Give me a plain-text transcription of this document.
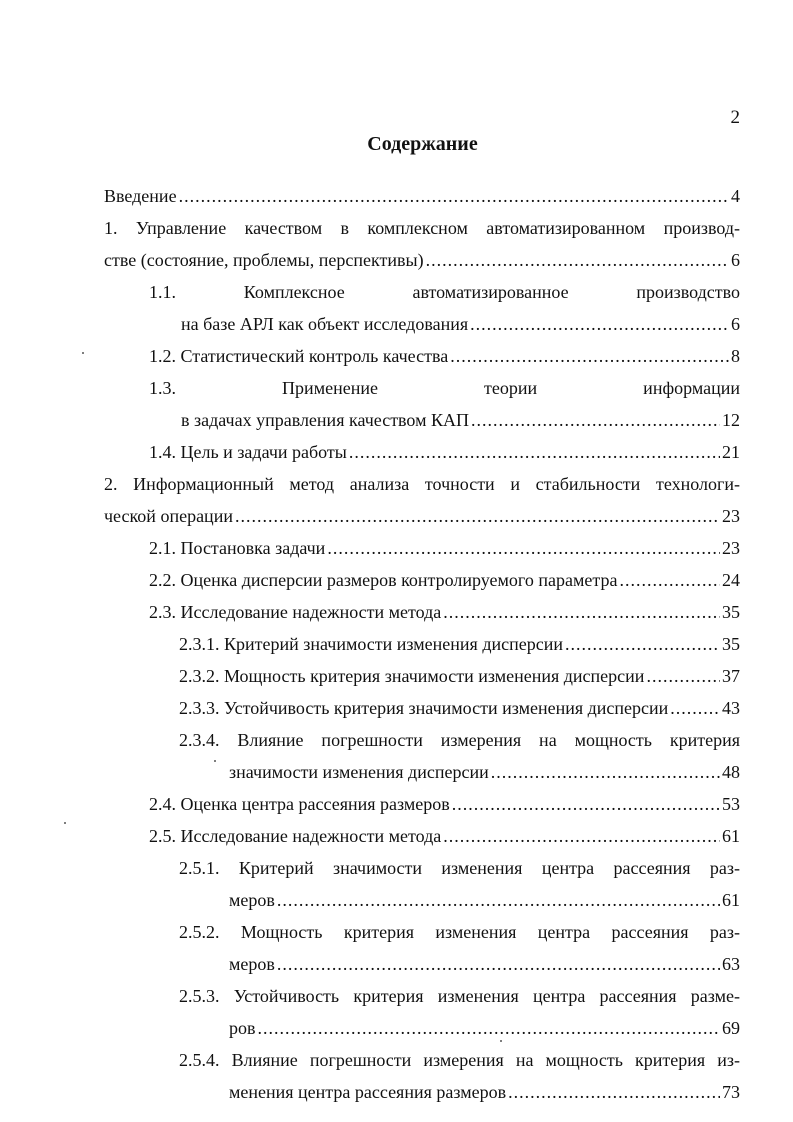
2
Содержание
Введение .....	4
1. Управление качеством в комплексном автоматизированном производ-
стве (состояние, проблемы, перспективы) .....	6
1.1. Комплексное автоматизированное производство
на базе АРЛ как объект исследования .....	6
1.2. Статистический контроль качества .....	8
1.3. Применение теории информации
в задачах управления качеством КАП .....	12
1.4. Цель и задачи работы .....	21
2. Информационный метод анализа точности и стабильности технологи-
ческой операции .....	23
2.1. Постановка задачи .....	23
2.2. Оценка дисперсии размеров контролируемого параметра .....	24
2.3. Исследование надежности метода .....	35
2.3.1. Критерий значимости изменения дисперсии .....	35
2.3.2. Мощность критерия значимости изменения дисперсии .....	37
2.3.3. Устойчивость критерия значимости изменения дисперсии .....	43
2.3.4. Влияние погрешности измерения на мощность критерия
значимости изменения дисперсии .....	48
2.4. Оценка центра рассеяния размеров .....	53
2.5. Исследование надежности метода .....	61
2.5.1. Критерий значимости изменения центра рассеяния раз-
меров .....	61
2.5.2. Мощность критерия изменения центра рассеяния раз-
меров .....	63
2.5.3. Устойчивость критерия изменения центра рассеяния разме-
ров .....	69
2.5.4. Влияние погрешности измерения на мощность критерия из-
менения центра рассеяния размеров .....	73
